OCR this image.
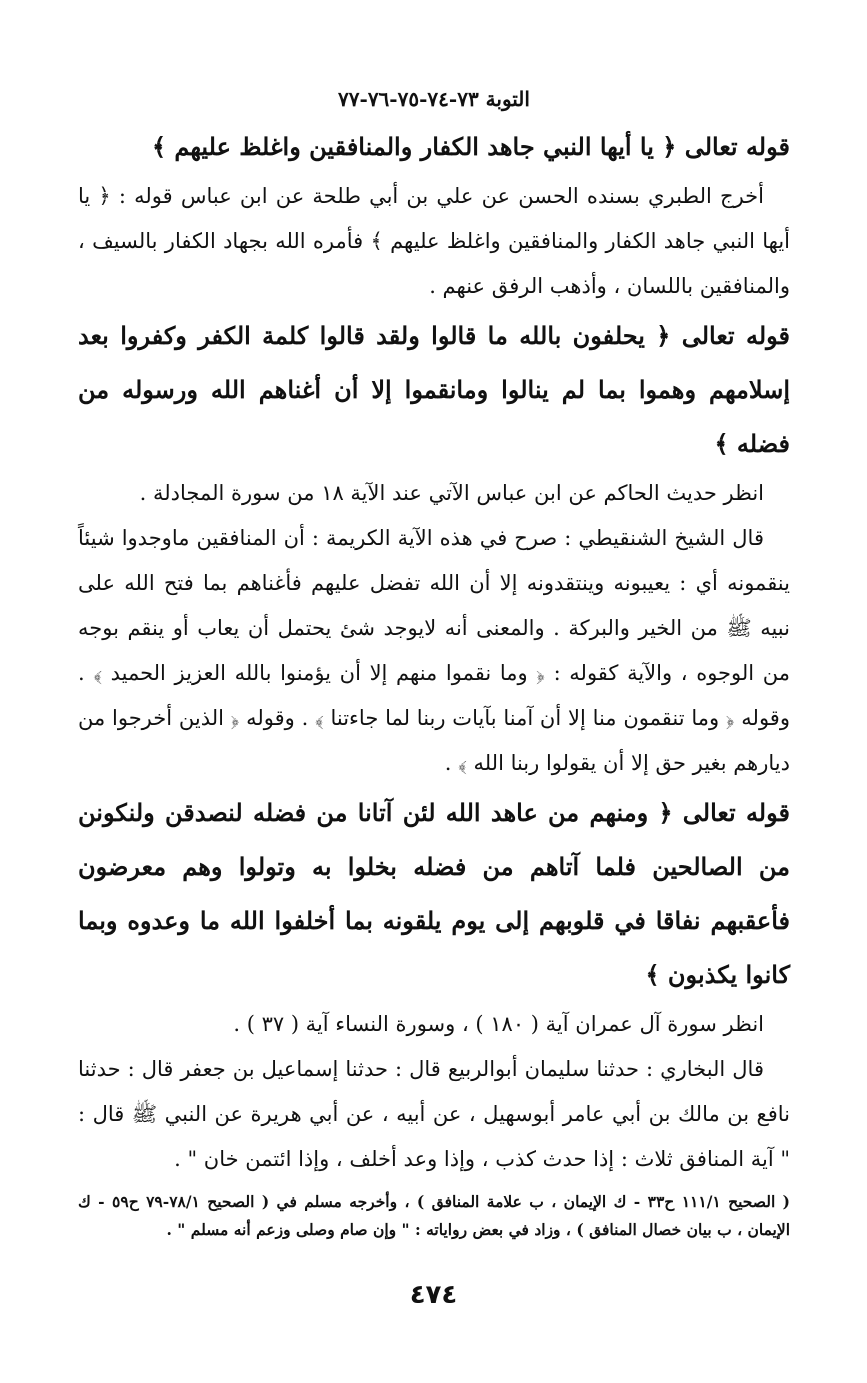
التوبة ٧٣-٧٤-٧٥-٧٦-٧٧

قوله تعالى ﴿ يا أيها النبي جاهد الكفار والمنافقين واغلظ عليهم ﴾

أخرج الطبري بسنده الحسن عن علي بن أبي طلحة عن ابن عباس قوله : ﴿ يا أيها النبي جاهد الكفار والمنافقين واغلظ عليهم ﴾ فأمره الله بجهاد الكفار بالسيف ، والمنافقين باللسان ، وأذهب الرفق عنهم .

قوله تعالى ﴿ يحلفون بالله ما قالوا ولقد قالوا كلمة الكفر وكفروا بعد إسلامهم وهموا بما لم ينالوا ومانقموا إلا أن أغناهم الله ورسوله من فضله ﴾

انظر حديث الحاكم عن ابن عباس الآتي عند الآية ١٨ من سورة المجادلة .

قال الشيخ الشنقيطي : صرح في هذه الآية الكريمة : أن المنافقين ماوجدوا شيئاً ينقمونه أي : يعيبونه وينتقدونه إلا أن الله تفضل عليهم فأغناهم بما فتح الله على نبيه ﷺ من الخير والبركة . والمعنى أنه لايوجد شئ يحتمل أن يعاب أو ينقم بوجه من الوجوه ، والآية كقوله : ﴿ وما نقموا منهم إلا أن يؤمنوا بالله العزيز الحميد ﴾ . وقوله ﴿ وما تنقمون منا إلا أن آمنا بآيات ربنا لما جاءتنا ﴾ . وقوله ﴿ الذين أخرجوا من ديارهم بغير حق إلا أن يقولوا ربنا الله ﴾ .

قوله تعالى ﴿ ومنهم من عاهد الله لئن آتانا من فضله لنصدقن ولنكونن من الصالحين فلما آتاهم من فضله بخلوا به وتولوا وهم معرضون فأعقبهم نفاقا في قلوبهم إلى يوم يلقونه بما أخلفوا الله ما وعدوه وبما كانوا يكذبون ﴾

انظر سورة آل عمران آية ( ١٨٠ ) ، وسورة النساء آية ( ٣٧ ) .

قال البخاري : حدثنا سليمان أبوالربيع قال : حدثنا إسماعيل بن جعفر قال : حدثنا نافع بن مالك بن أبي عامر أبوسهيل ، عن أبيه ، عن أبي هريرة عن النبي ﷺ قال : " آية المنافق ثلاث : إذا حدث كذب ، وإذا وعد أخلف ، وإذا ائتمن خان " .

( الصحيح ١١١/١ ح٣٣ - ك الإيمان ، ب علامة المنافق ) ، وأخرجه مسلم في ( الصحيح ٧٨/١-٧٩ ح٥٩ - ك الإيمان ، ب بيان خصال المنافق ) ، وزاد في بعض رواياته : " وإن صام وصلى وزعم أنه مسلم " .

٤٧٤
